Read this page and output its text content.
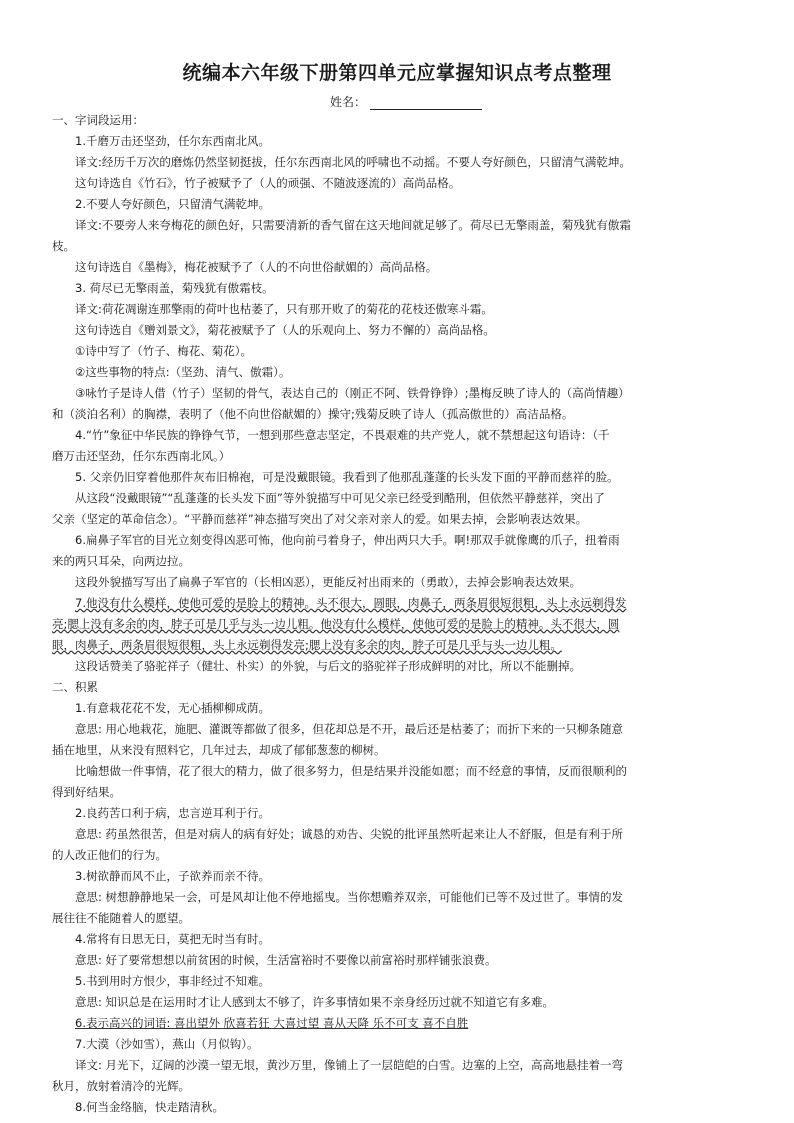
统编本六年级下册第四单元应掌握知识点考点整理
姓名：
一、字词段运用：
1.千磨万击还坚劲，任尔东西南北风。
译文:经历千万次的磨炼仍然坚韧挺拔，任尔东西南北风的呼啸也不动摇。不要人夸好颜色，只留清气满乾坤。
这句诗选自《竹石》，竹子被赋予了（人的顽强、不随波逐流的）高尚品格。
2.不要人夸好颜色，只留清气满乾坤。
译文:不要旁人来夸梅花的颜色好，只需要清新的香气留在这天地间就足够了。荷尽已无擎雨盖，菊残犹有傲霜
枝。
这句诗选自《墨梅》，梅花被赋予了（人的不向世俗献媚的）高尚品格。
3. 荷尽已无擎雨盖，菊残犹有傲霜枝。
译文:荷花凋谢连那擎雨的荷叶也枯萎了，只有那开败了的菊花的花枝还傲寒斗霜。
这句诗选自《赠刘景文》，菊花被赋予了（人的乐观向上、努力不懈的）高尚品格。
①诗中写了（竹子、梅花、菊花）。
②这些事物的特点:（坚劲、清气、傲霜）。
③咏竹子是诗人借（竹子）坚韧的骨气，表达自己的（刚正不阿、铁骨铮铮）;墨梅反映了诗人的（高尚情趣）
和（淡泊名利）的胸襟，表明了（他不向世俗献媚的）操守;残菊反映了诗人（孤高傲世的）高洁品格。
4.“竹”象征中华民族的铮铮气节，一想到那些意志坚定，不畏艰难的共产党人，就不禁想起这句语诗：（千
磨万击还坚劲，任尔东西南北风。）
5. 父亲仍旧穿着他那件灰布旧棉袍，可是没戴眼镜。我看到了他那乱蓬蓬的长头发下面的平静而慈祥的脸。
从这段“没戴眼镜”“乱蓬蓬的长头发下面”等外貌描写中可见父亲已经受到酷刑，但依然平静慈祥，突出了
父亲（坚定的革命信念）。“平静而慈祥”神态描写突出了对父亲对亲人的爱。如果去掉，会影响表达效果。
6.扁鼻子军官的目光立刻变得凶恶可怖，他向前弓着身子，伸出两只大手。啊!那双手就像鹰的爪子，扭着雨
来的两只耳朵，向两边拉。
这段外貌描写写出了扁鼻子军官的（长相凶恶），更能反衬出雨来的（勇敢），去掉会影响表达效果。
7.他没有什么模样，使他可爱的是脸上的精神。头不很大，圆眼，肉鼻子，两条眉很短很粗，头上永远剃得发
亮;腮上没有多余的肉，脖子可是几乎与头一边儿粗。他没有什么模样，使他可爱的是脸上的精神。头不很大，圆
眼，肉鼻子，两条眉很短很粗，头上永远剃得发亮;腮上没有多余的肉，脖子可是几乎与头一边儿粗。
这段话赞美了骆驼祥子（健壮、朴实）的外貌，与后文的骆驼祥子形成鲜明的对比，所以不能删掉。
二、积累
1.有意栽花花不发，无心插柳柳成荫。
意思: 用心地栽花，施肥、灌溉等都做了很多，但花却总是不开，最后还是枯萎了；而折下来的一只柳条随意
插在地里，从来没有照料它，几年过去，却成了郁郁葱葱的柳树。
比喻想做一件事情，花了很大的精力，做了很多努力，但是结果并没能如愿；而不经意的事情，反而很顺利的
得到好结果。
2.良药苦口利于病，忠言逆耳利于行。
意思: 药虽然很苦，但是对病人的病有好处；诚恳的劝告、尖锐的批评虽然听起来让人不舒服，但是有利于所
的人改正他们的行为。
3.树欲静而风不止，子欲养而亲不待。
意思: 树想静静地呆一会，可是风却让他不停地摇曳。当你想赡养双亲，可能他们已等不及过世了。事情的发
展往往不能随着人的愿望。
4.常将有日思无日，莫把无时当有时。
意思: 好了要常想想以前贫困的时候，生活富裕时不要像以前富裕时那样铺张浪费。
5.书到用时方恨少，事非经过不知难。
意思: 知识总是在运用时才让人感到太不够了，许多事情如果不亲身经历过就不知道它有多难。
6.表示高兴的词语: 喜出望外 欣喜若狂 大喜过望 喜从天降 乐不可支 喜不自胜
7.大漠（沙如雪），燕山（月似钩）。
译文: 月光下，辽阔的沙漠一望无垠，黄沙万里，像铺上了一层皑皑的白雪。边塞的上空，高高地悬挂着一弯
秋月，放射着清冷的光辉。
8.何当金络脑，快走踏清秋。
